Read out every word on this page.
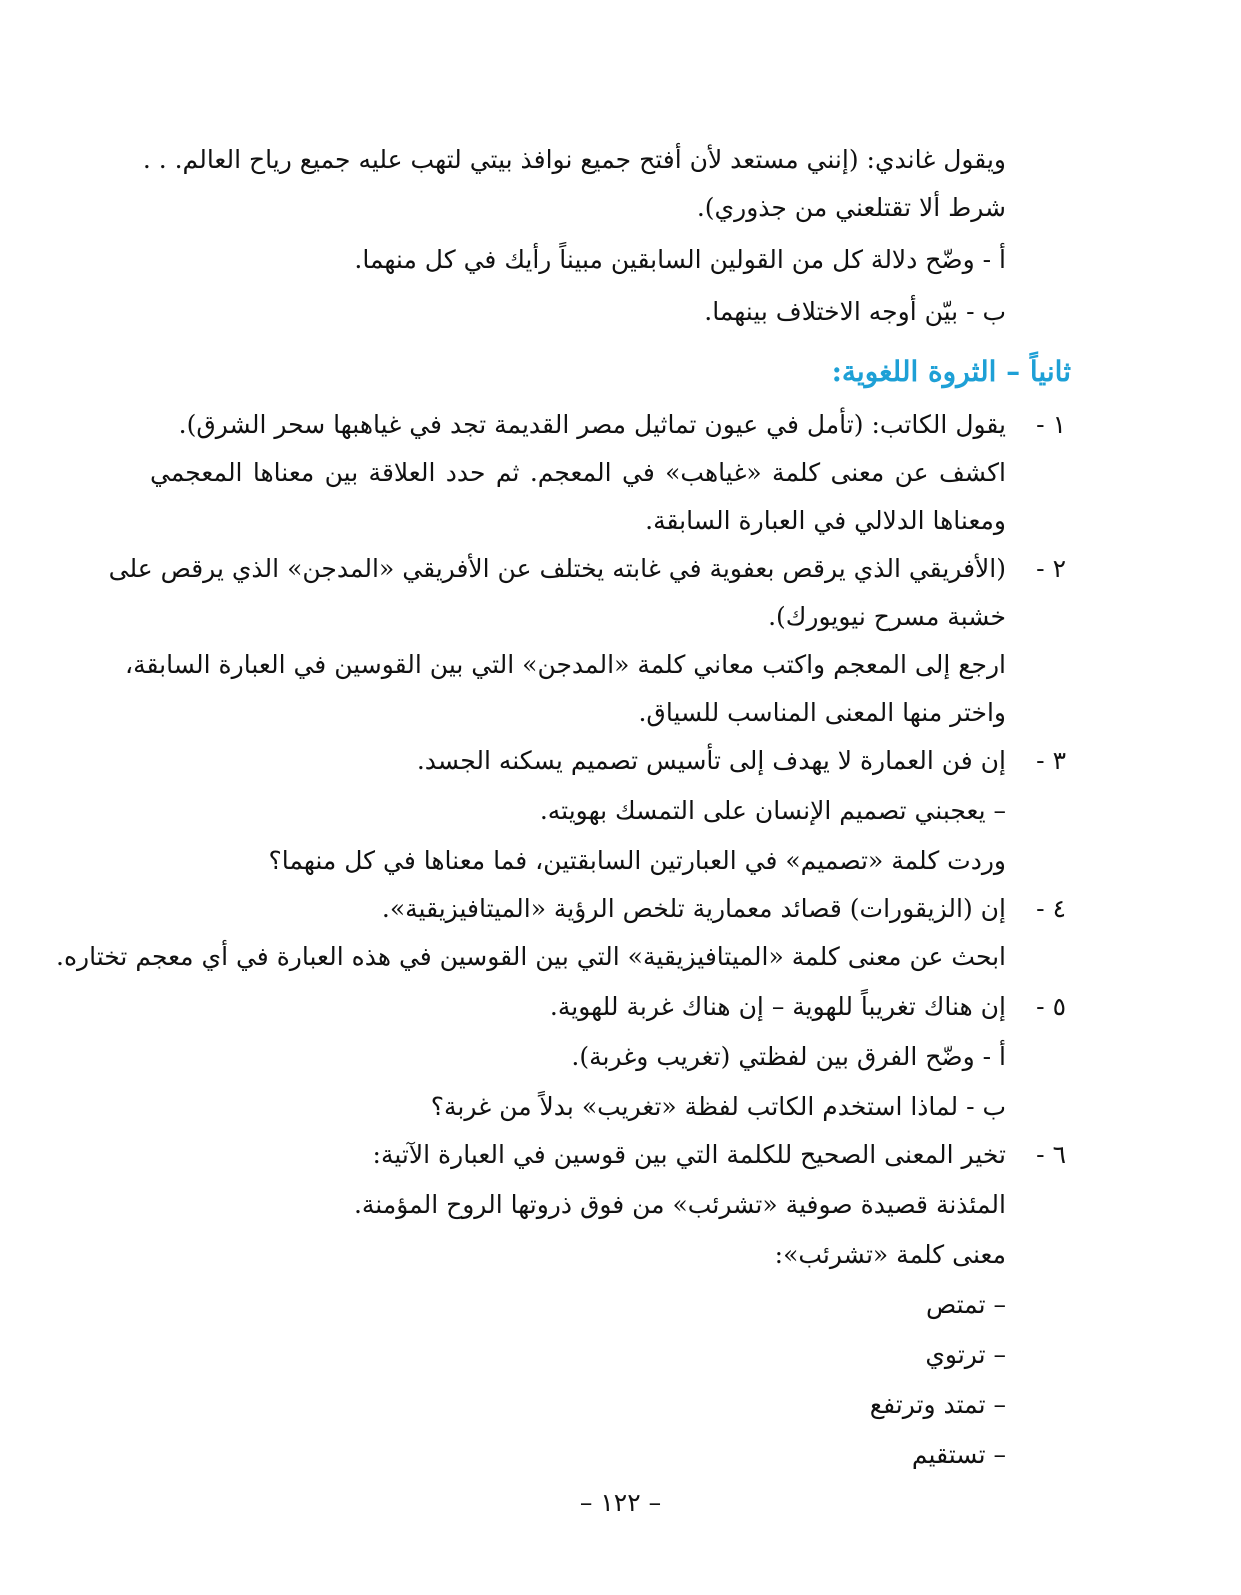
ويقول غاندي: (إنني مستعد لأن أفتح جميع نوافذ بيتي لتهب عليه جميع رياح العالم. . .
شرط ألا تقتلعني من جذوري).
أ - وضّح دلالة كل من القولين السابقين مبيناً رأيك في كل منهما.
ب - بيّن أوجه الاختلاف بينهما.
ثانياً – الثروة اللغوية:
١ -
يقول الكاتب: (تأمل في عيون تماثيل مصر القديمة تجد في غياهبها سحر الشرق).
اكشف عن معنى كلمة «غياهب» في المعجم. ثم حدد العلاقة بين معناها المعجمي
ومعناها الدلالي في العبارة السابقة.
٢ -
(الأفريقي الذي يرقص بعفوية في غابته يختلف عن الأفريقي «المدجن» الذي يرقص على
خشبة مسرح نيويورك).
ارجع إلى المعجم واكتب معاني كلمة «المدجن» التي بين القوسين في العبارة السابقة،
واختر منها المعنى المناسب للسياق.
٣ -
إن فن العمارة لا يهدف إلى تأسيس تصميم يسكنه الجسد.
– يعجبني تصميم الإنسان على التمسك بهويته.
وردت كلمة «تصميم» في العبارتين السابقتين، فما معناها في كل منهما؟
٤ -
إن (الزيقورات) قصائد معمارية تلخص الرؤية «الميتافيزيقية».
ابحث عن معنى كلمة «الميتافيزيقية» التي بين القوسين في هذه العبارة في أي معجم تختاره.
٥ -
إن هناك تغريباً للهوية – إن هناك غربة للهوية.
أ - وضّح الفرق بين لفظتي (تغريب وغربة).
ب - لماذا استخدم الكاتب لفظة «تغريب» بدلاً من غربة؟
٦ -
تخير المعنى الصحيح للكلمة التي بين قوسين في العبارة الآتية:
المئذنة قصيدة صوفية «تشرئب» من فوق ذروتها الروح المؤمنة.
معنى كلمة «تشرئب»:
– تمتص
– ترتوي
– تمتد وترتفع
– تستقيم
– ١٢٢ –
